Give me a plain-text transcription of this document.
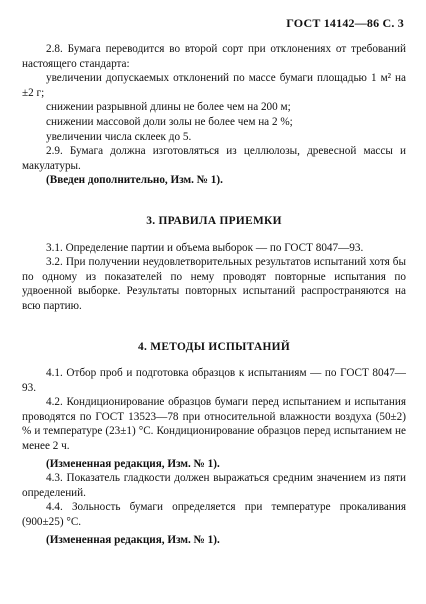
ГОСТ 14142—86 С. 3

2.8. Бумага переводится во второй сорт при отклонениях от требований настоящего стандарта:

увеличении допускаемых отклонений по массе бумаги площадью 1 м² на ±2 г;

снижении разрывной длины не более чем на 200 м;

снижении массовой доли золы не более чем на 2 %;

увеличении числа склеек до 5.

2.9. Бумага должна изготовляться из целлюлозы, древесной массы и макулатуры.

(Введен дополнительно, Изм. № 1).

3. ПРАВИЛА ПРИЕМКИ

3.1. Определение партии и объема выборок — по ГОСТ 8047—93.

3.2. При получении неудовлетворительных результатов испытаний хотя бы по одному из показателей по нему проводят повторные испытания по удвоенной выборке. Результаты повторных испытаний распространяются на всю партию.

4. МЕТОДЫ ИСПЫТАНИЙ

4.1. Отбор проб и подготовка образцов к испытаниям — по ГОСТ 8047—93.

4.2. Кондиционирование образцов бумаги перед испытанием и испытания проводятся по ГОСТ 13523—78 при относительной влажности воздуха (50±2) % и температуре (23±1) °С. Кондиционирование образцов перед испытанием не менее 2 ч.

(Измененная редакция, Изм. № 1).

4.3. Показатель гладкости должен выражаться средним значением из пяти определений.

4.4. Зольность бумаги определяется при температуре прокаливания (900±25) °С.

(Измененная редакция, Изм. № 1).
